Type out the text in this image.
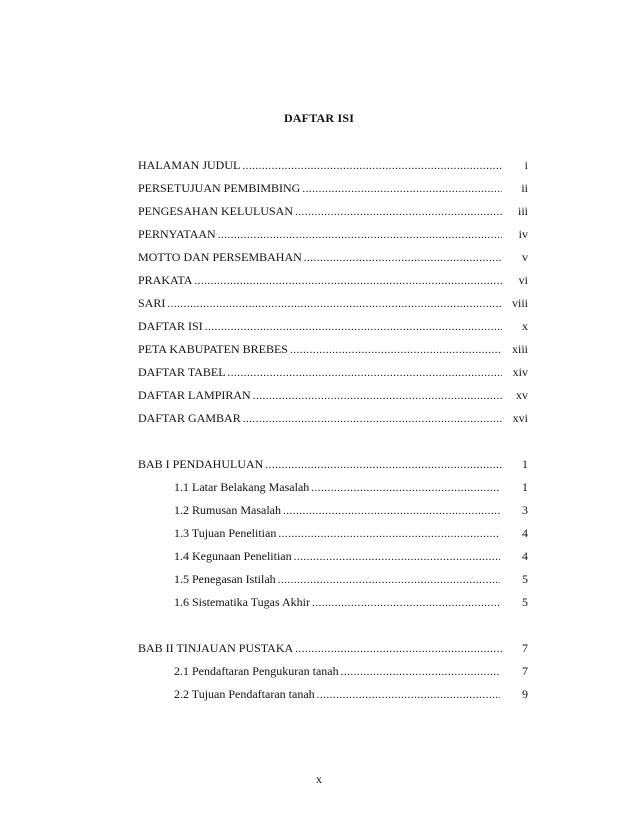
DAFTAR ISI
HALAMAN JUDUL .....	i
PERSETUJUAN PEMBIMBING .....	ii
PENGESAHAN KELULUSAN .....	iii
PERNYATAAN .....	iv
MOTTO DAN PERSEMBAHAN .....	v
PRAKATA .....	vi
SARI .....	viii
DAFTAR ISI .....	x
PETA KABUPATEN BREBES .....	xiii
DAFTAR TABEL .....	xiv
DAFTAR LAMPIRAN .....	xv
DAFTAR GAMBAR .....	xvi
BAB I PENDAHULUAN .....	1
1.1 Latar Belakang Masalah .....	1
1.2 Rumusan Masalah .....	3
1.3 Tujuan Penelitian .....	4
1.4 Kegunaan Penelitian .....	4
1.5 Penegasan Istilah .....	5
1.6 Sistematika Tugas Akhir .....	5
BAB II TINJAUAN PUSTAKA .....	7
2.1 Pendaftaran Pengukuran tanah .....	7
2.2 Tujuan Pendaftaran tanah .....	9
x
